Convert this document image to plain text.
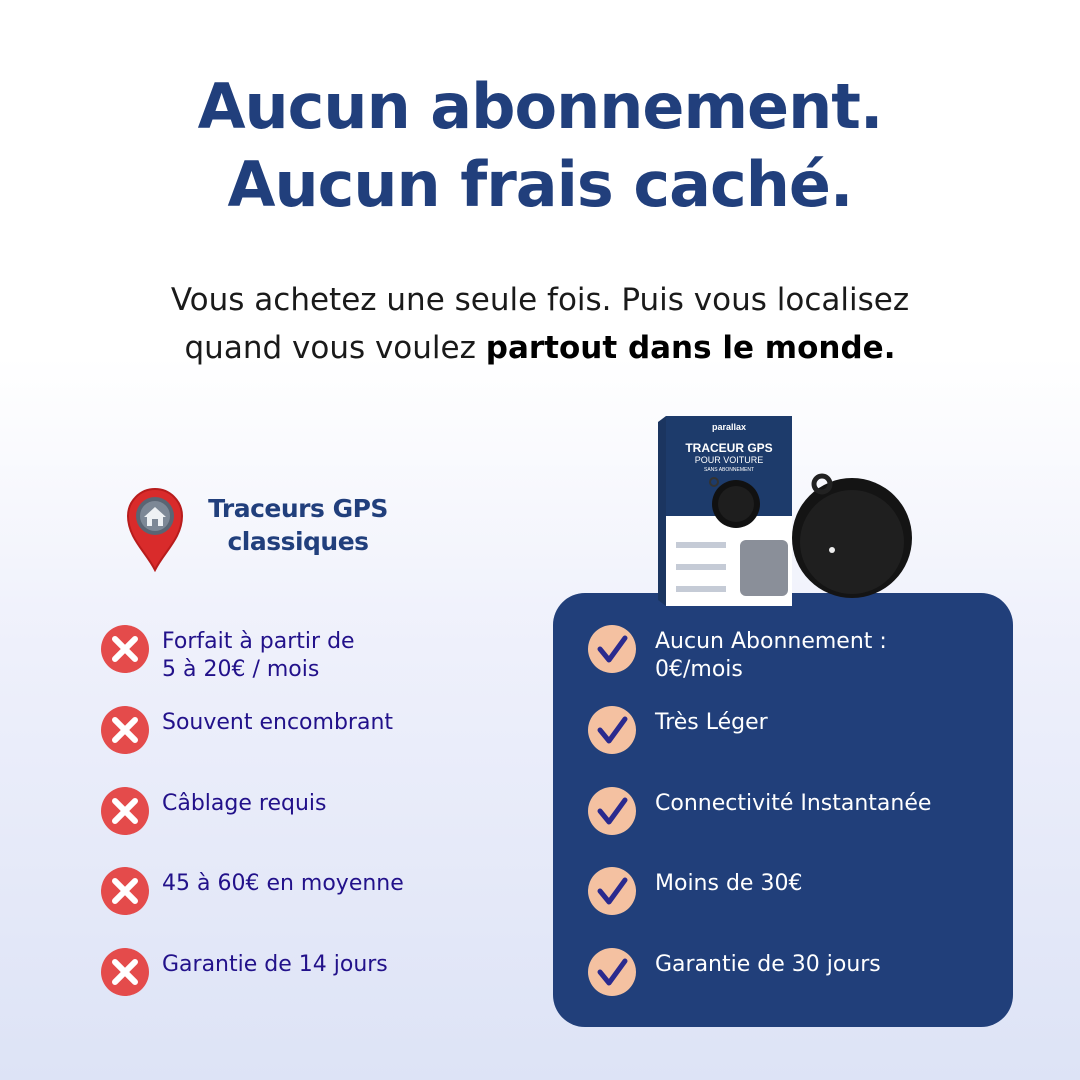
Aucun abonnement.
Aucun frais caché.
Vous achetez une seule fois. Puis vous localisez
quand vous voulez partout dans le monde.
Traceurs GPS
classiques
Forfait à partir de
5 à 20€ / mois
Souvent encombrant
Câblage requis
45 à 60€ en moyenne
Garantie de 14 jours
parallax
TRACEUR GPS
POUR VOITURE
SANS ABONNEMENT
Aucun Abonnement :
0€/mois
Très Léger
Connectivité Instantanée
Moins de 30€
Garantie de 30 jours
